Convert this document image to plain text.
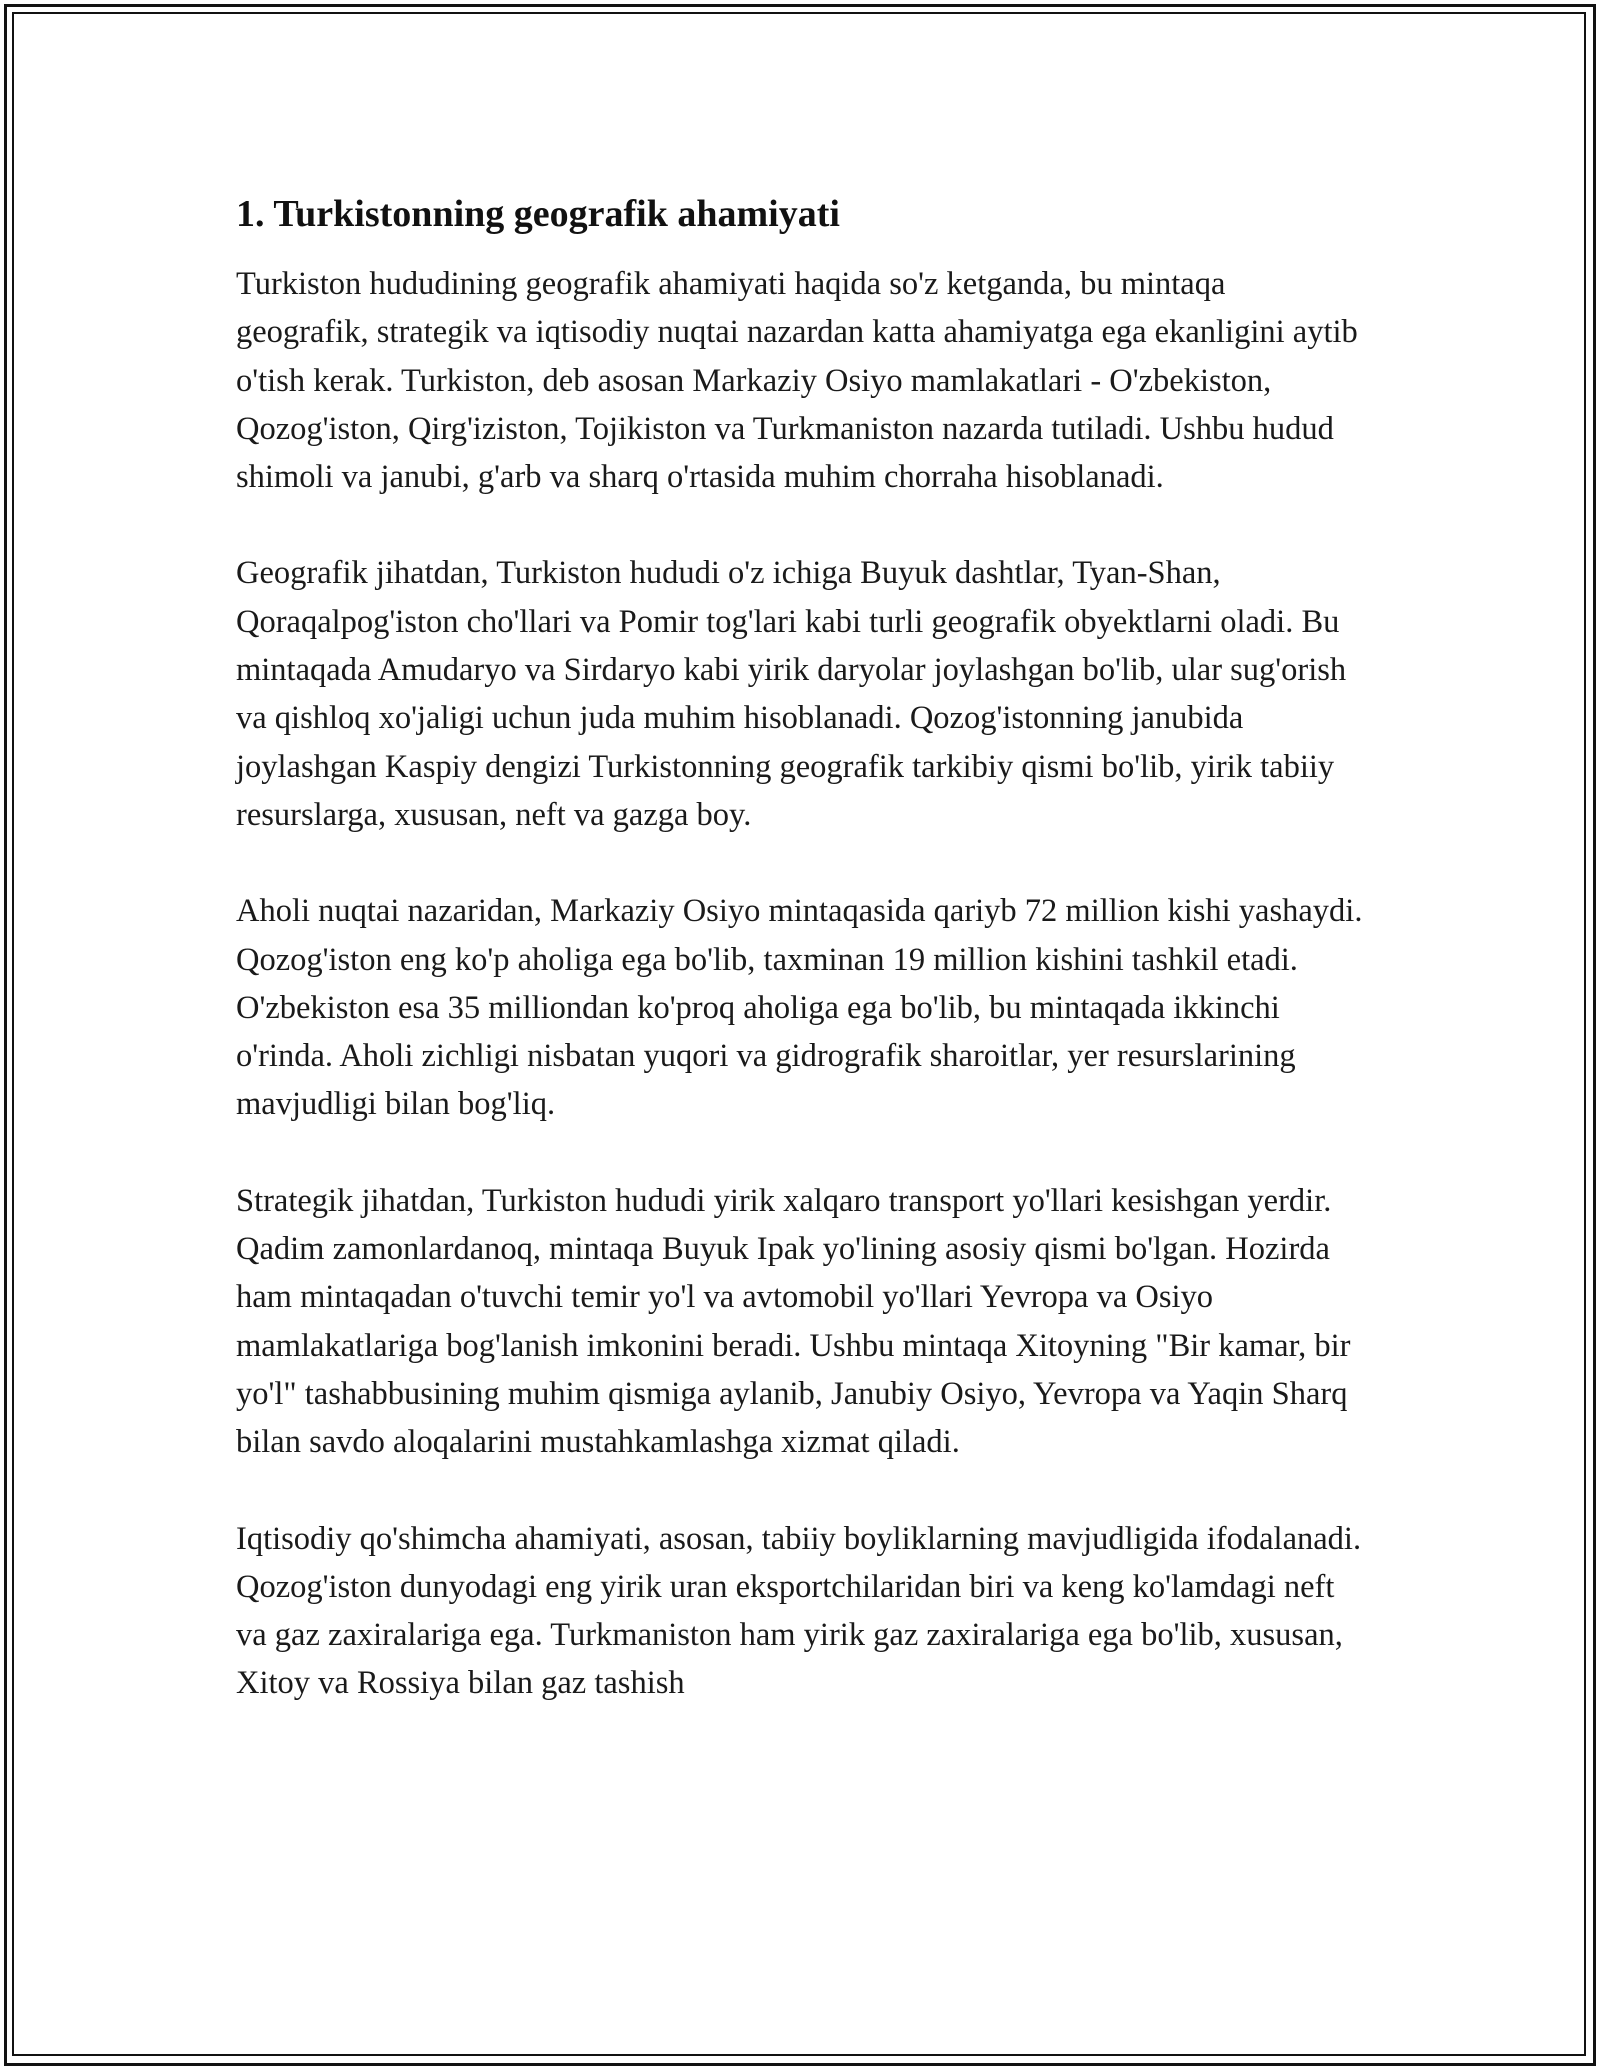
1. Turkistonning geografik ahamiyati

Turkiston hududining geografik ahamiyati haqida so'z ketganda, bu mintaqa geografik, strategik va iqtisodiy nuqtai nazardan katta ahamiyatga ega ekanligini aytib o'tish kerak. Turkiston, deb asosan Markaziy Osiyo mamlakatlari - O'zbekiston, Qozog'iston, Qirg'iziston, Tojikiston va Turkmaniston nazarda tutiladi. Ushbu hudud shimoli va janubi, g'arb va sharq o'rtasida muhim chorraha hisoblanadi.

Geografik jihatdan, Turkiston hududi o'z ichiga Buyuk dashtlar, Tyan-Shan, Qoraqalpog'iston cho'llari va Pomir tog'lari kabi turli geografik obyektlarni oladi. Bu mintaqada Amudaryo va Sirdaryo kabi yirik daryolar joylashgan bo'lib, ular sug'orish va qishloq xo'jaligi uchun juda muhim hisoblanadi. Qozog'istonning janubida joylashgan Kaspiy dengizi Turkistonning geografik tarkibiy qismi bo'lib, yirik tabiiy resurslarga, xususan, neft va gazga boy.

Aholi nuqtai nazaridan, Markaziy Osiyo mintaqasida qariyb 72 million kishi yashaydi. Qozog'iston eng ko'p aholiga ega bo'lib, taxminan 19 million kishini tashkil etadi. O'zbekiston esa 35 milliondan ko'proq aholiga ega bo'lib, bu mintaqada ikkinchi o'rinda. Aholi zichligi nisbatan yuqori va gidrografik sharoitlar, yer resurslarining mavjudligi bilan bog'liq.

Strategik jihatdan, Turkiston hududi yirik xalqaro transport yo'llari kesishgan yerdir. Qadim zamonlardanoq, mintaqa Buyuk Ipak yo'lining asosiy qismi bo'lgan. Hozirda ham mintaqadan o'tuvchi temir yo'l va avtomobil yo'llari Yevropa va Osiyo mamlakatlariga bog'lanish imkonini beradi. Ushbu mintaqa Xitoyning "Bir kamar, bir yo'l" tashabbusining muhim qismiga aylanib, Janubiy Osiyo, Yevropa va Yaqin Sharq bilan savdo aloqalarini mustahkamlashga xizmat qiladi.

Iqtisodiy qo'shimcha ahamiyati, asosan, tabiiy boyliklarning mavjudligida ifodalanadi. Qozog'iston dunyodagi eng yirik uran eksportchilaridan biri va keng ko'lamdagi neft va gaz zaxiralariga ega. Turkmaniston ham yirik gaz zaxiralariga ega bo'lib, xususan, Xitoy va Rossiya bilan gaz tashish
